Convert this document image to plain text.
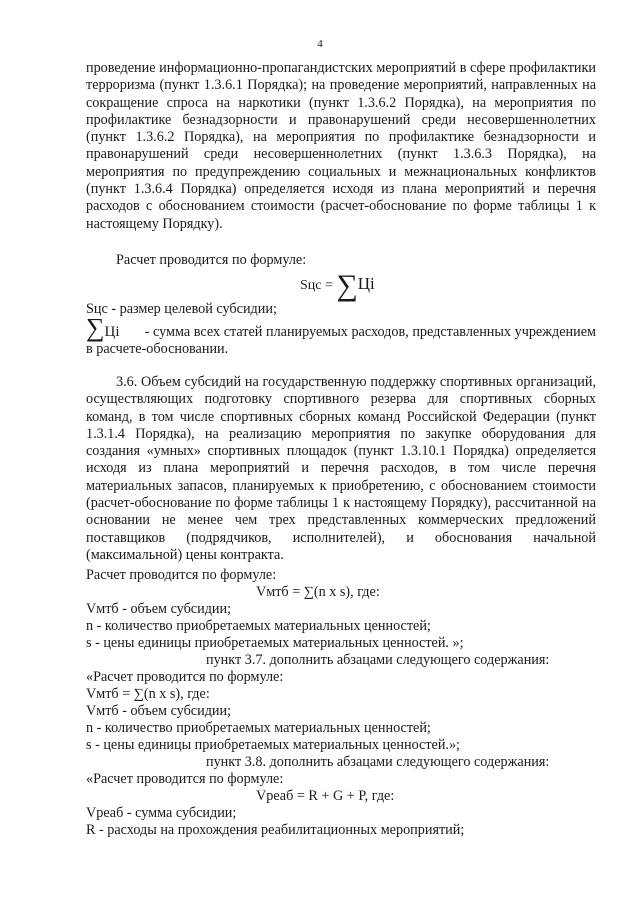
4

проведение информационно-пропагандистских мероприятий в сфере профилактики терроризма (пункт 1.3.6.1 Порядка); на проведение мероприятий, направленных на сокращение спроса на наркотики (пункт 1.3.6.2 Порядка), на мероприятия по профилактике безнадзорности и правонарушений среди несовершеннолетних (пункт 1.3.6.2 Порядка), на мероприятия по профилактике безнадзорности и правонарушений среди несовершеннолетних (пункт 1.3.6.3 Порядка), на мероприятия по предупреждению социальных и межнациональных конфликтов (пункт 1.3.6.4 Порядка) определяется исходя из плана мероприятий и перечня расходов с обоснованием стоимости (расчет-обоснование по форме таблицы 1 к настоящему Порядку).

Расчет проводится по формуле:

Sцс = ∑Цi

Sцс - размер целевой субсидии;

∑Цi - сумма всех статей планируемых расходов, представленных учреждением в расчете-обосновании.

3.6. Объем субсидий на государственную поддержку спортивных организаций, осуществляющих подготовку спортивного резерва для спортивных сборных команд, в том числе спортивных сборных команд Российской Федерации (пункт 1.3.1.4 Порядка), на реализацию мероприятия по закупке оборудования для создания «умных» спортивных площадок (пункт 1.3.10.1 Порядка) определяется исходя из плана мероприятий и перечня расходов, в том числе перечня материальных запасов, планируемых к приобретению, с обоснованием стоимости (расчет-обоснование по форме таблицы 1 к настоящему Порядку), рассчитанной на основании не менее чем трех представленных коммерческих предложений поставщиков (подрядчиков, исполнителей), и обоснования начальной (максимальной) цены контракта.

Расчет проводится по формуле:

Vмтб = ∑(n x s), где:

Vмтб - объем субсидии;

n - количество приобретаемых материальных ценностей;

s - цены единицы приобретаемых материальных ценностей. »;

пункт 3.7. дополнить абзацами следующего содержания:

«Расчет проводится по формуле:

Vмтб = ∑(n x s), где:

Vмтб - объем субсидии;

n - количество приобретаемых материальных ценностей;

s - цены единицы приобретаемых материальных ценностей.»;

пункт 3.8. дополнить абзацами следующего содержания:

«Расчет проводится по формуле:

Vреаб = R + G + P, где:

Vреаб - сумма субсидии;

R - расходы на прохождения реабилитационных мероприятий;
